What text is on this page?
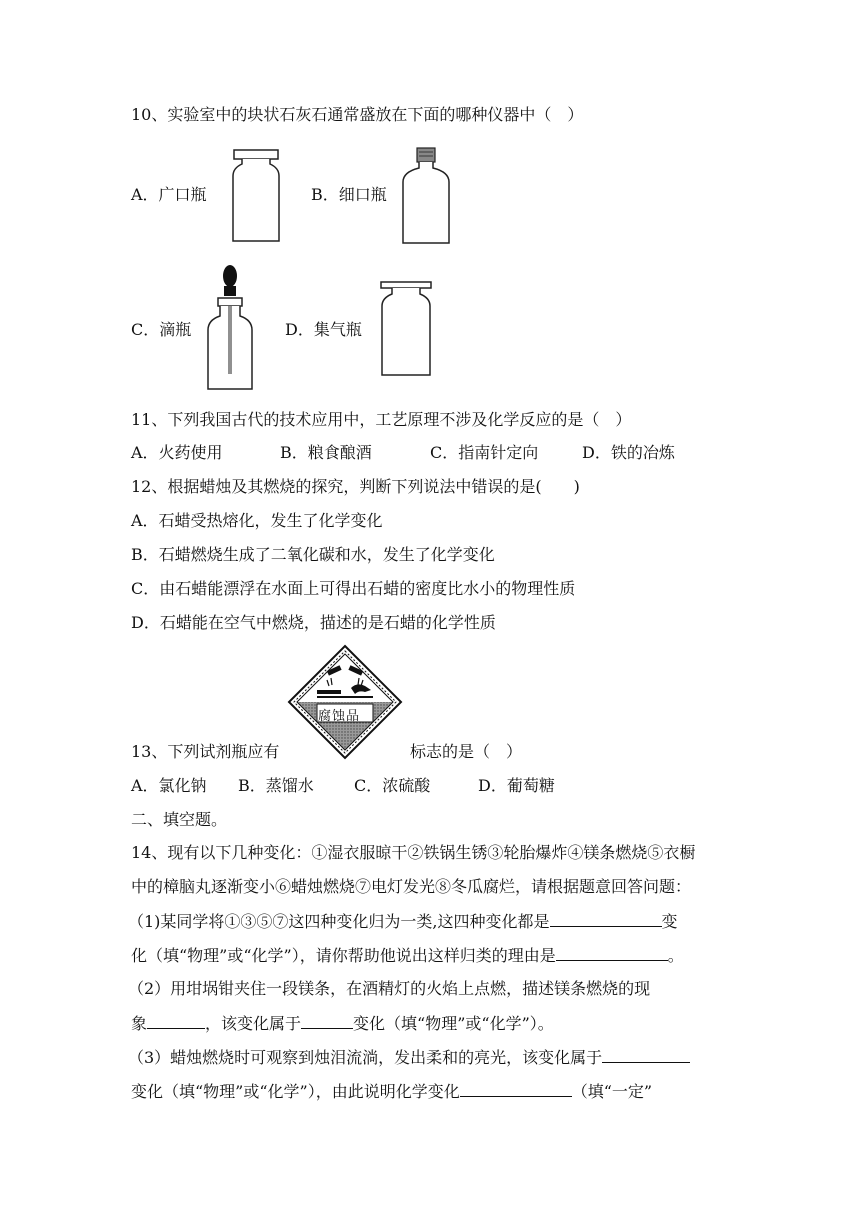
10、实验室中的块状石灰石通常盛放在下面的哪种仪器中（　）
A．广口瓶	B．细口瓶
C．滴瓶	D．集气瓶
11、下列我国古代的技术应用中，工艺原理不涉及化学反应的是（　）
A．火药使用	B．粮食酿酒	C．指南针定向	D．铁的冶炼
12、根据蜡烛及其燃烧的探究，判断下列说法中错误的是(　　)
A．石蜡受热熔化，发生了化学变化
B．石蜡燃烧生成了二氧化碳和水，发生了化学变化
C．由石蜡能漂浮在水面上可得出石蜡的密度比水小的物理性质
D．石蜡能在空气中燃烧，描述的是石蜡的化学性质
腐蚀品
13、下列试剂瓶应有	标志的是（　）
A．氯化钠 B．蒸馏水	C．浓硫酸	D．葡萄糖
二、填空题。
14、现有以下几种变化：①湿衣服晾干②铁锅生锈③轮胎爆炸④镁条燃烧⑤衣橱
中的樟脑丸逐渐变小⑥蜡烛燃烧⑦电灯发光⑧冬瓜腐烂，请根据题意回答问题：
（1)某同学将①③⑤⑦这四种变化归为一类,这四种变化都是	变
化（填“物理”或“化学”），请你帮助他说出这样归类的理由是	。
（2）用坩埚钳夹住一段镁条，在酒精灯的火焰上点燃，描述镁条燃烧的现
象	，该变化属于	变化（填“物理”或“化学”）。
（3）蜡烛燃烧时可观察到烛泪流淌，发出柔和的亮光，该变化属于
变化（填“物理”或“化学”），由此说明化学变化	（填“一定”
